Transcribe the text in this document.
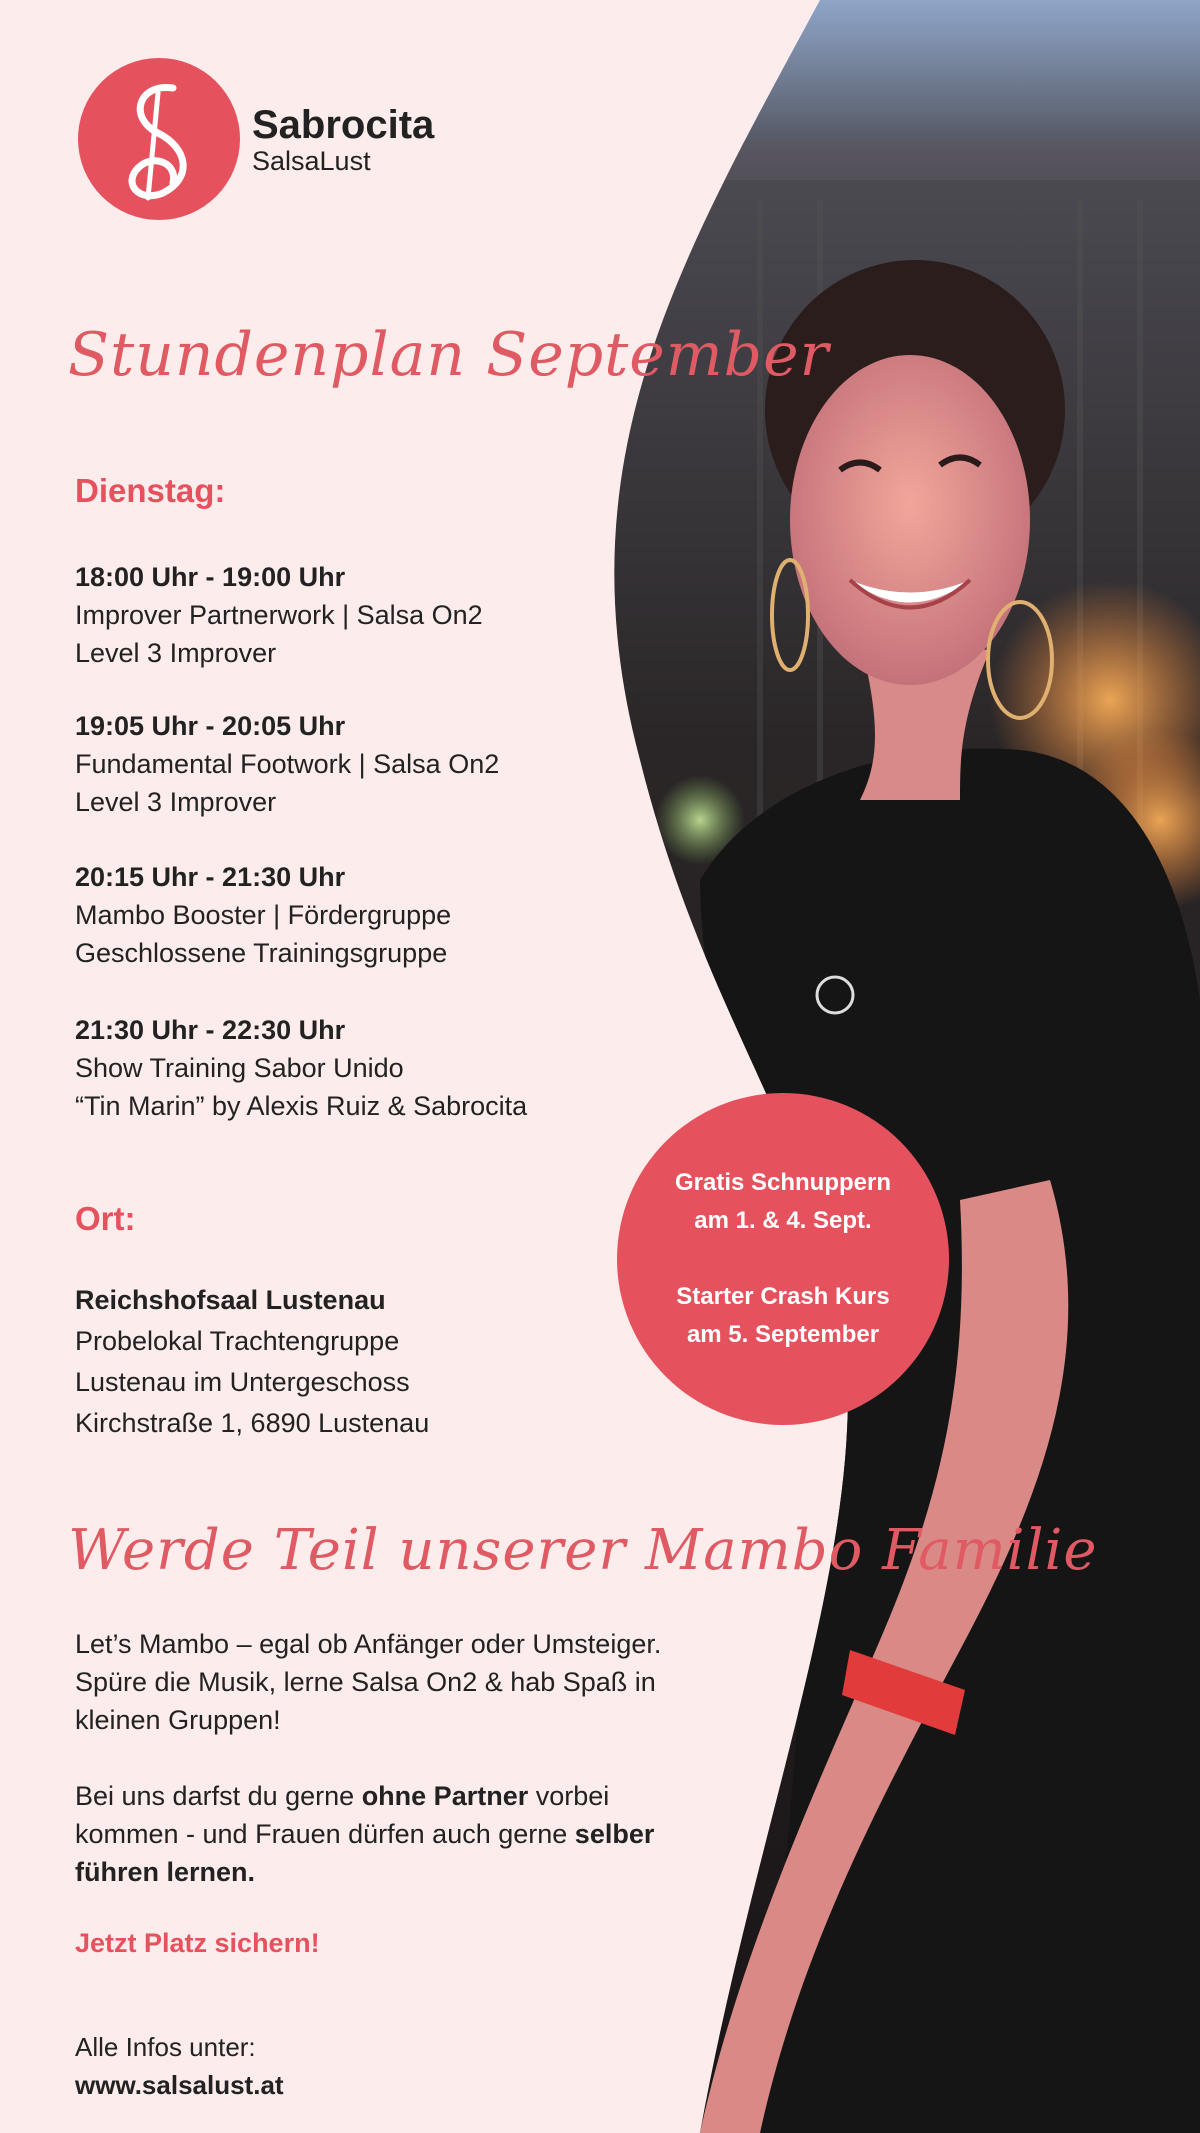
Sabrocita
SalsaLust
Stundenplan September
Dienstag:
18:00 Uhr - 19:00 Uhr
Improver Partnerwork | Salsa On2
Level 3 Improver
19:05 Uhr - 20:05 Uhr
Fundamental Footwork | Salsa On2
Level 3 Improver
20:15 Uhr - 21:30 Uhr
Mambo Booster | Fördergruppe
Geschlossene Trainingsgruppe
21:30 Uhr - 22:30 Uhr
Show Training Sabor Unido
“Tin Marin” by Alexis Ruiz & Sabrocita
Ort:
Reichshofsaal Lustenau
Probelokal Trachtengruppe
Lustenau im Untergeschoss
Kirchstraße 1, 6890 Lustenau
Gratis Schnuppern
am 1. & 4. Sept.
Starter Crash Kurs
am 5. September
Werde Teil unserer Mambo Familie

Let’s Mambo – egal ob Anfänger oder Umsteiger. Spüre die Musik, lerne Salsa On2 & hab Spaß in kleinen Gruppen!

Bei uns darfst du gerne ohne Partner vorbei kommen - und Frauen dürfen auch gerne selber führen lernen.

Jetzt Platz sichern!
Alle Infos unter:
www.salsalust.at
